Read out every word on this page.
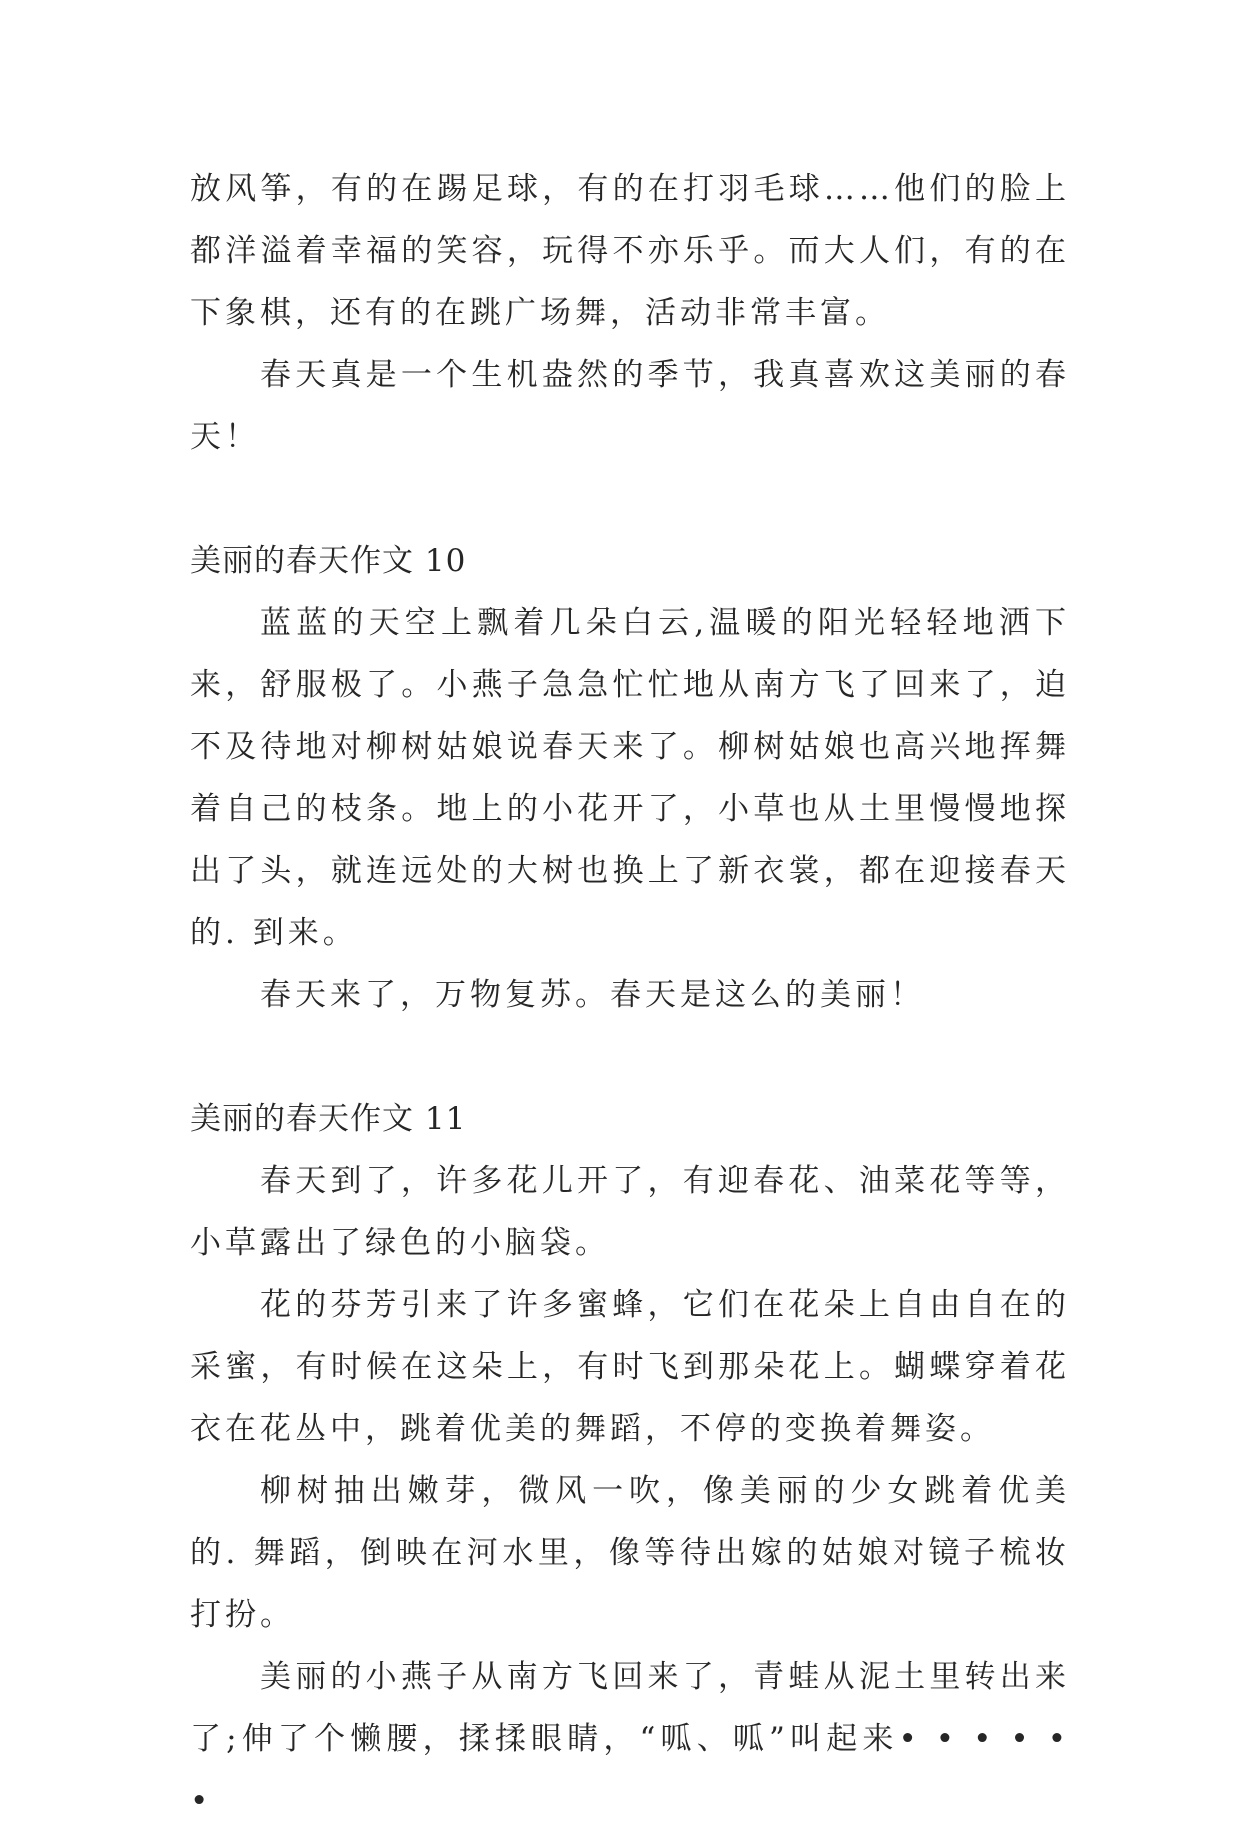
放风筝，有的在踢足球，有的在打羽毛球……他们的脸上都洋溢着幸福的笑容，玩得不亦乐乎。而大人们，有的在下象棋，还有的在跳广场舞，活动非常丰富。

春天真是一个生机盎然的季节，我真喜欢这美丽的春天！

美丽的春天作文 10

蓝蓝的天空上飘着几朵白云,温暖的阳光轻轻地洒下来，舒服极了。小燕子急急忙忙地从南方飞了回来了，迫不及待地对柳树姑娘说春天来了。柳树姑娘也高兴地挥舞着自己的枝条。地上的小花开了，小草也从土里慢慢地探出了头，就连远处的大树也换上了新衣裳，都在迎接春天的. 到来。

春天来了，万物复苏。春天是这么的美丽！

美丽的春天作文 11

春天到了，许多花儿开了，有迎春花、油菜花等等，小草露出了绿色的小脑袋。

花的芬芳引来了许多蜜蜂，它们在花朵上自由自在的采蜜，有时候在这朵上，有时飞到那朵花上。蝴蝶穿着花衣在花丛中，跳着优美的舞蹈，不停的变换着舞姿。

柳树抽出嫩芽，微风一吹，像美丽的少女跳着优美的. 舞蹈，倒映在河水里，像等待出嫁的姑娘对镜子梳妆打扮。

美丽的小燕子从南方飞回来了，青蛙从泥土里转出来了;伸了个懒腰，揉揉眼睛，“呱、呱”叫起来• • • • • •
